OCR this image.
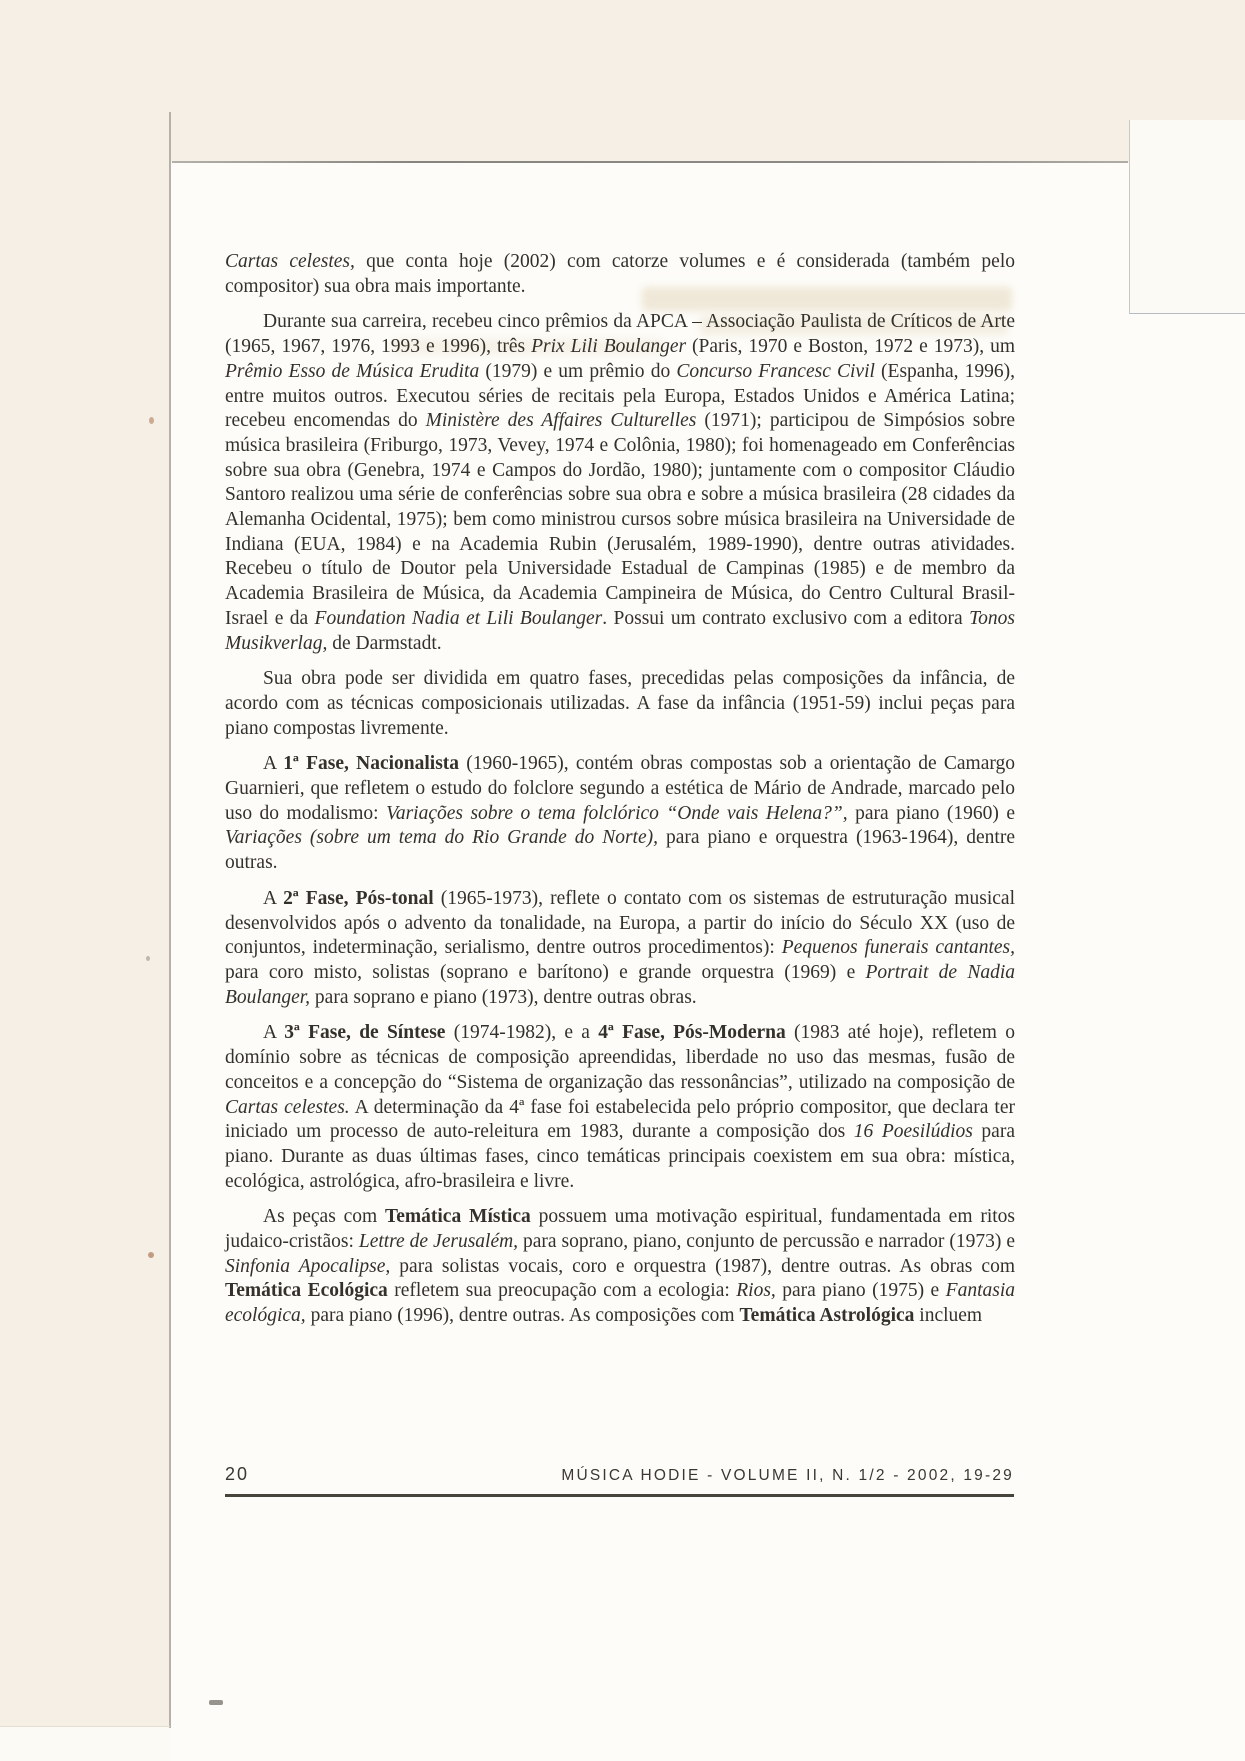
Cartas celestes, que conta hoje (2002) com catorze volumes e é considerada (também pelo compositor) sua obra mais importante.

Durante sua carreira, recebeu cinco prêmios da APCA – Associação Paulista de Críticos de Arte (1965, 1967, 1976, 1993 e 1996), três Prix Lili Boulanger (Paris, 1970 e Boston, 1972 e 1973), um Prêmio Esso de Música Erudita (1979) e um prêmio do Concurso Francesc Civil (Espanha, 1996), entre muitos outros. Executou séries de recitais pela Europa, Estados Unidos e América Latina; recebeu encomendas do Ministère des Affaires Culturelles (1971); participou de Simpósios sobre música brasileira (Friburgo, 1973, Vevey, 1974 e Colônia, 1980); foi homenageado em Conferências sobre sua obra (Genebra, 1974 e Campos do Jordão, 1980); juntamente com o compositor Cláudio Santoro realizou uma série de conferências sobre sua obra e sobre a música brasileira (28 cidades da Alemanha Ocidental, 1975); bem como ministrou cursos sobre música brasileira na Universidade de Indiana (EUA, 1984) e na Academia Rubin (Jerusalém, 1989-1990), dentre outras atividades. Recebeu o título de Doutor pela Universidade Estadual de Campinas (1985) e de membro da Academia Brasileira de Música, da Academia Campineira de Música, do Centro Cultural Brasil-Israel e da Foundation Nadia et Lili Boulanger. Possui um contrato exclusivo com a editora Tonos Musikverlag, de Darmstadt.

Sua obra pode ser dividida em quatro fases, precedidas pelas composições da infância, de acordo com as técnicas composicionais utilizadas. A fase da infância (1951-59) inclui peças para piano compostas livremente.

A 1ª Fase, Nacionalista (1960-1965), contém obras compostas sob a orientação de Camargo Guarnieri, que refletem o estudo do folclore segundo a estética de Mário de Andrade, marcado pelo uso do modalismo: Variações sobre o tema folclórico “Onde vais Helena?”, para piano (1960) e Variações (sobre um tema do Rio Grande do Norte), para piano e orquestra (1963-1964), dentre outras.

A 2ª Fase, Pós-tonal (1965-1973), reflete o contato com os sistemas de estruturação musical desenvolvidos após o advento da tonalidade, na Europa, a partir do início do Século XX (uso de conjuntos, indeterminação, serialismo, dentre outros procedimentos): Pequenos funerais cantantes, para coro misto, solistas (soprano e barítono) e grande orquestra (1969) e Portrait de Nadia Boulanger, para soprano e piano (1973), dentre outras obras.

A 3ª Fase, de Síntese (1974-1982), e a 4ª Fase, Pós-Moderna (1983 até hoje), refletem o domínio sobre as técnicas de composição apreendidas, liberdade no uso das mesmas, fusão de conceitos e a concepção do “Sistema de organização das ressonâncias”, utilizado na composição de Cartas celestes. A determinação da 4ª fase foi estabelecida pelo próprio compositor, que declara ter iniciado um processo de auto-releitura em 1983, durante a composição dos 16 Poesilúdios para piano. Durante as duas últimas fases, cinco temáticas principais coexistem em sua obra: mística, ecológica, astrológica, afro-brasileira e livre.

As peças com Temática Mística possuem uma motivação espiritual, fundamentada em ritos judaico-cristãos: Lettre de Jerusalém, para soprano, piano, conjunto de percussão e narrador (1973) e Sinfonia Apocalipse, para solistas vocais, coro e orquestra (1987), dentre outras. As obras com Temática Ecológica refletem sua preocupação com a ecologia: Rios, para piano (1975) e Fantasia ecológica, para piano (1996), dentre outras. As composições com Temática Astrológica incluem

20	MÚSICA HODIE - VOLUME II, N. 1/2 - 2002, 19-29
